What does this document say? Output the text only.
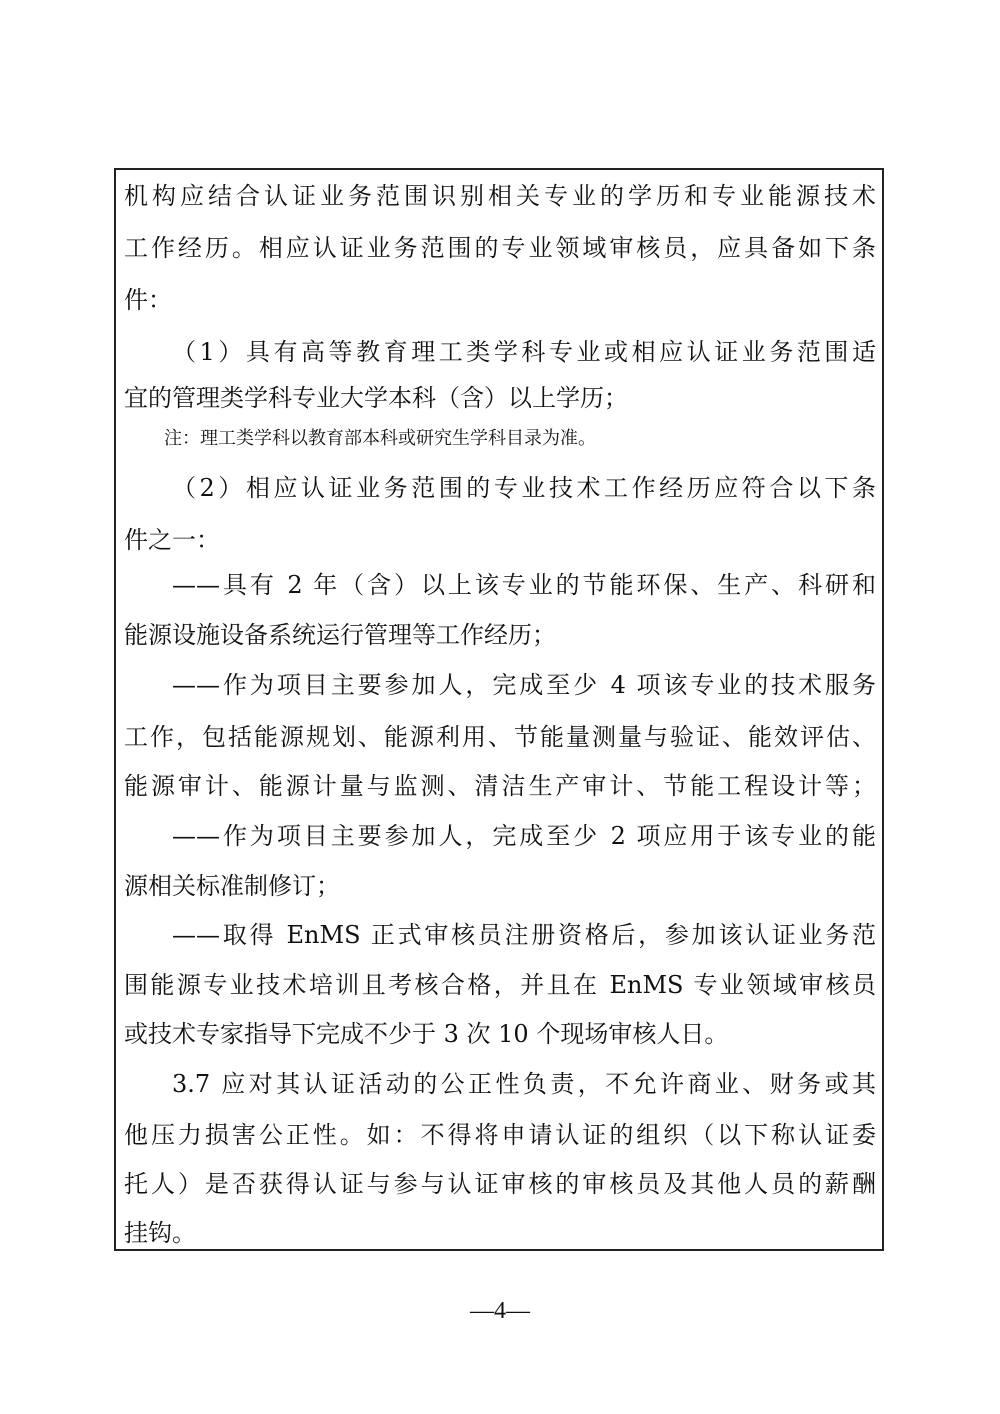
机构应结合认证业务范围识别相关专业的学历和专业能源技术
工作经历。相应认证业务范围的专业领域审核员，应具备如下条
件：
（1）具有高等教育理工类学科专业或相应认证业务范围适
宜的管理类学科专业大学本科（含）以上学历；
注：理工类学科以教育部本科或研究生学科目录为准。
（2）相应认证业务范围的专业技术工作经历应符合以下条
件之一：
——具有 2 年（含）以上该专业的节能环保、生产、科研和
能源设施设备系统运行管理等工作经历；
——作为项目主要参加人，完成至少 4 项该专业的技术服务
工作，包括能源规划、能源利用、节能量测量与验证、能效评估、
能源审计、能源计量与监测、清洁生产审计、节能工程设计等；
——作为项目主要参加人，完成至少 2 项应用于该专业的能
源相关标准制修订；
——取得 EnMS 正式审核员注册资格后，参加该认证业务范
围能源专业技术培训且考核合格，并且在 EnMS 专业领域审核员
或技术专家指导下完成不少于 3 次 10 个现场审核人日。
3.7 应对其认证活动的公正性负责，不允许商业、财务或其
他压力损害公正性。如：不得将申请认证的组织（以下称认证委
托人）是否获得认证与参与认证审核的审核员及其他人员的薪酬
挂钩。
—4—
